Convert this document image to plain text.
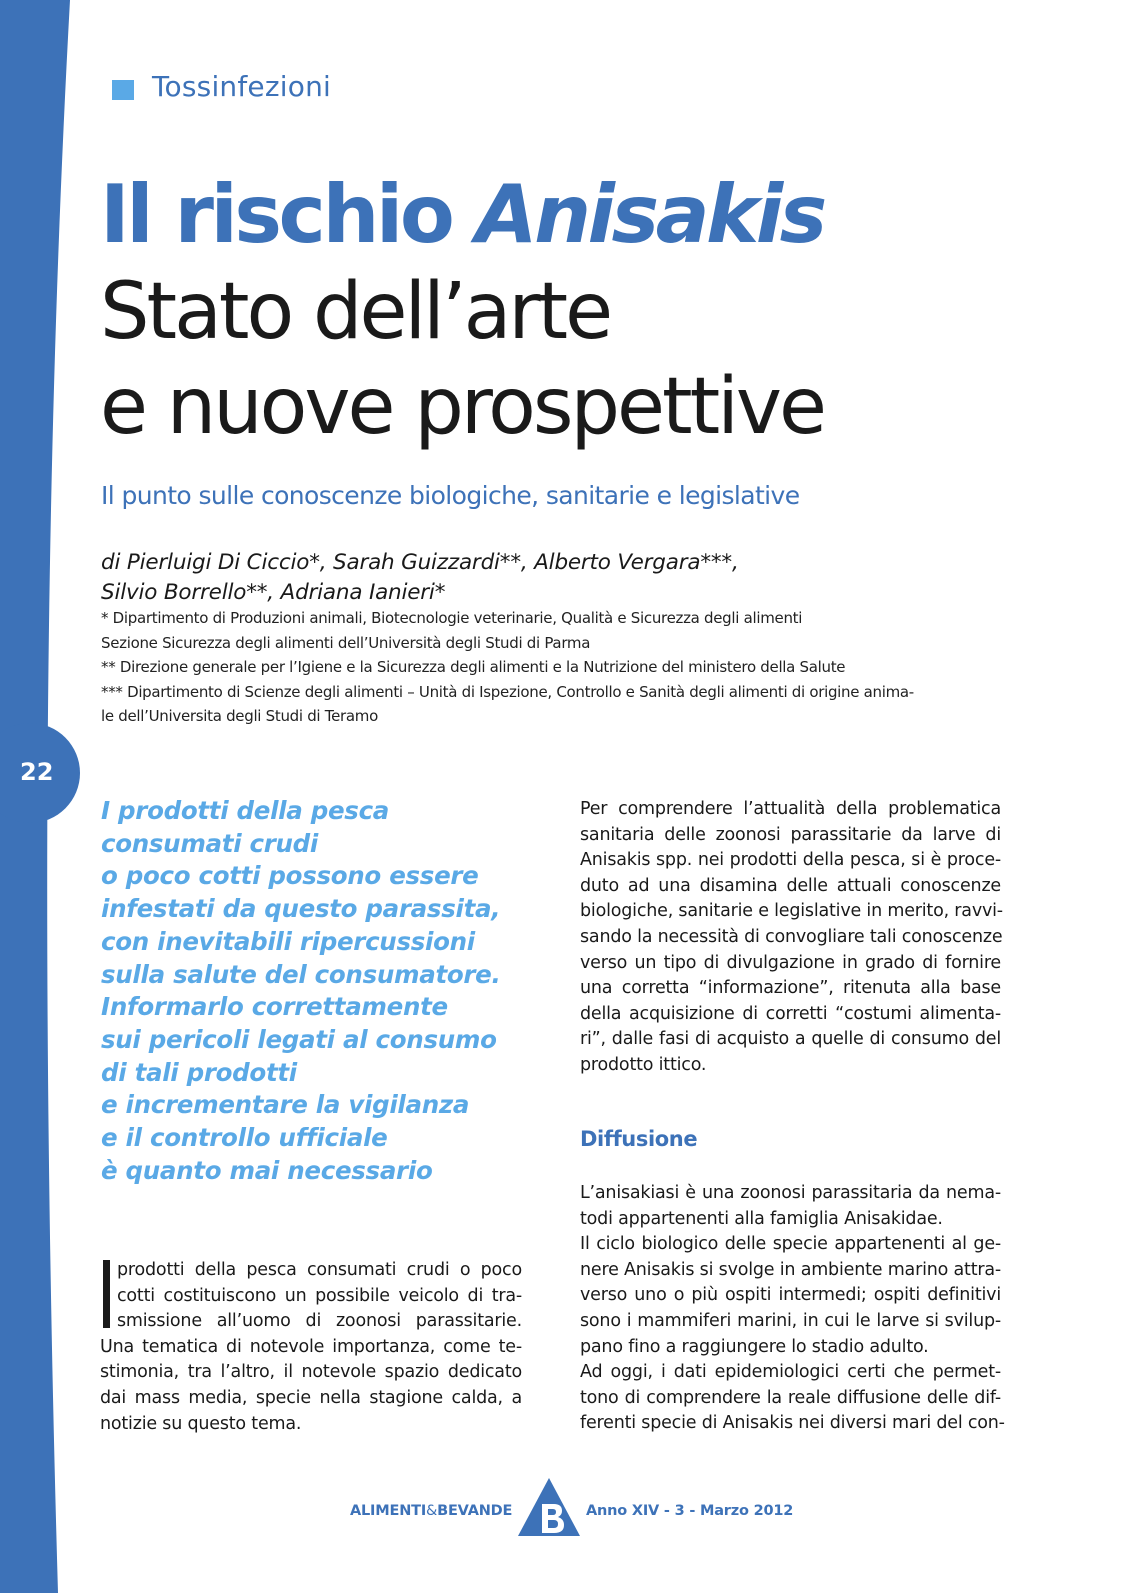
22
Tossinfezioni
Il rischio Anisakis
Stato dell’arte
e nuove prospettive
Il punto sulle conoscenze biologiche, sanitarie e legislative
di Pierluigi Di Ciccio*, Sarah Guizzardi**, Alberto Vergara***,
Silvio Borrello**, Adriana Ianieri*
* Dipartimento di Produzioni animali, Biotecnologie veterinarie, Qualità e Sicurezza degli alimenti
Sezione Sicurezza degli alimenti dell’Università degli Studi di Parma
** Direzione generale per l’Igiene e la Sicurezza degli alimenti e la Nutrizione del ministero della Salute
*** Dipartimento di Scienze degli alimenti – Unità di Ispezione, Controllo e Sanità degli alimenti di origine anima-
le dell’Universita degli Studi di Teramo
I prodotti della pesca
consumati crudi
o poco cotti possono essere
infestati da questo parassita,
con inevitabili ripercussioni
sulla salute del consumatore.
Informarlo correttamente
sui pericoli legati al consumo
di tali prodotti
e incrementare la vigilanza
e il controllo ufficiale
è quanto mai necessario
Per comprendere l’attualità della problematica
sanitaria delle zoonosi parassitarie da larve di
Anisakis spp. nei prodotti della pesca, si è proce-
duto ad una disamina delle attuali conoscenze
biologiche, sanitarie e legislative in merito, ravvi-
sando la necessità di convogliare tali conoscenze
verso un tipo di divulgazione in grado di fornire
una corretta “informazione”, ritenuta alla base
della acquisizione di corretti “costumi alimenta-
ri”, dalle fasi di acquisto a quelle di consumo del
prodotto ittico.
Diffusione
L’anisakiasi è una zoonosi parassitaria da nema-
todi appartenenti alla famiglia Anisakidae.
Il ciclo biologico delle specie appartenenti al ge-
nere Anisakis si svolge in ambiente marino attra-
verso uno o più ospiti intermedi; ospiti definitivi
sono i mammiferi marini, in cui le larve si svilup-
pano fino a raggiungere lo stadio adulto.
Ad oggi, i dati epidemiologici certi che permet-
tono di comprendere la reale diffusione delle dif-
ferenti specie di Anisakis nei diversi mari del con-
prodotti della pesca consumati crudi o poco
cotti costituiscono un possibile veicolo di tra-
smissione all’uomo di zoonosi parassitarie.
Una tematica di notevole importanza, come te-
stimonia, tra l’altro, il notevole spazio dedicato
dai mass media, specie nella stagione calda, a
notizie su questo tema.
ALIMENTI&BEVANDE	Anno XIV - 3 - Marzo 2012
